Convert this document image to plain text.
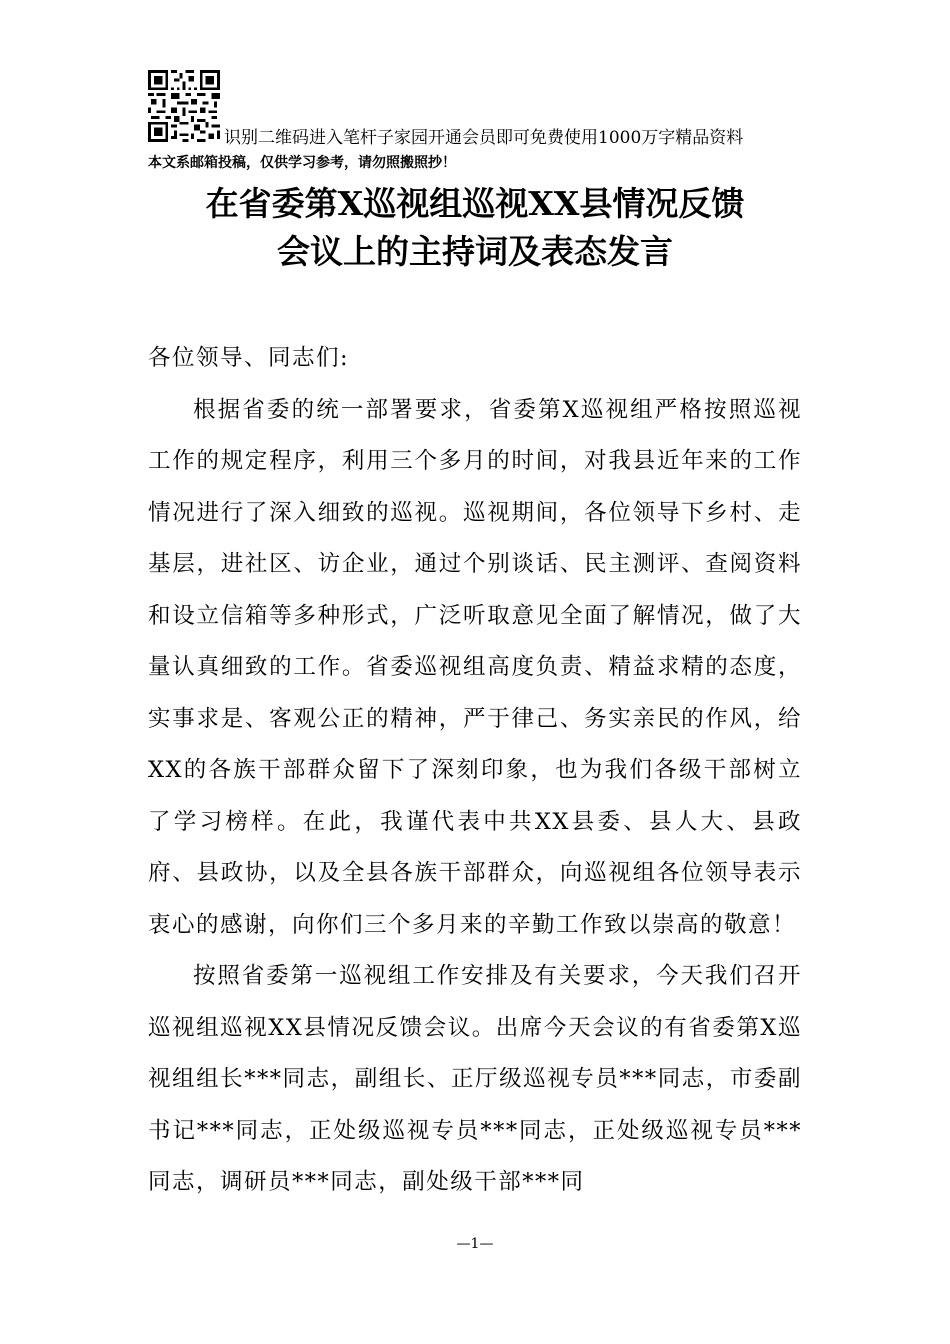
识别二维码进入笔杆子家园开通会员即可免费使用1000万字精品资料
本文系邮箱投稿，仅供学习参考，请勿照搬照抄！
在省委第X巡视组巡视XX县情况反馈
会议上的主持词及表态发言

各位领导、同志们:

根据省委的统一部署要求，省委第X巡视组严格按照巡视工作的规定程序，利用三个多月的时间，对我县近年来的工作情况进行了深入细致的巡视。巡视期间，各位领导下乡村、走基层，进社区、访企业，通过个别谈话、民主测评、查阅资料和设立信箱等多种形式，广泛听取意见全面了解情况，做了大量认真细致的工作。省委巡视组高度负责、精益求精的态度，实事求是、客观公正的精神，严于律己、务实亲民的作风，给XX的各族干部群众留下了深刻印象，也为我们各级干部树立了学习榜样。在此，我谨代表中共XX县委、县人大、县政府、县政协，以及全县各族干部群众，向巡视组各位领导表示衷心的感谢，向你们三个多月来的辛勤工作致以崇高的敬意！

按照省委第一巡视组工作安排及有关要求，今天我们召开巡视组巡视XX县情况反馈会议。出席今天会议的有省委第X巡视组组长***同志，副组长、正厅级巡视专员***同志，市委副书记***同志，正处级巡视专员***同志，正处级巡视专员***同志，调研员***同志，副处级干部***同

—1—
